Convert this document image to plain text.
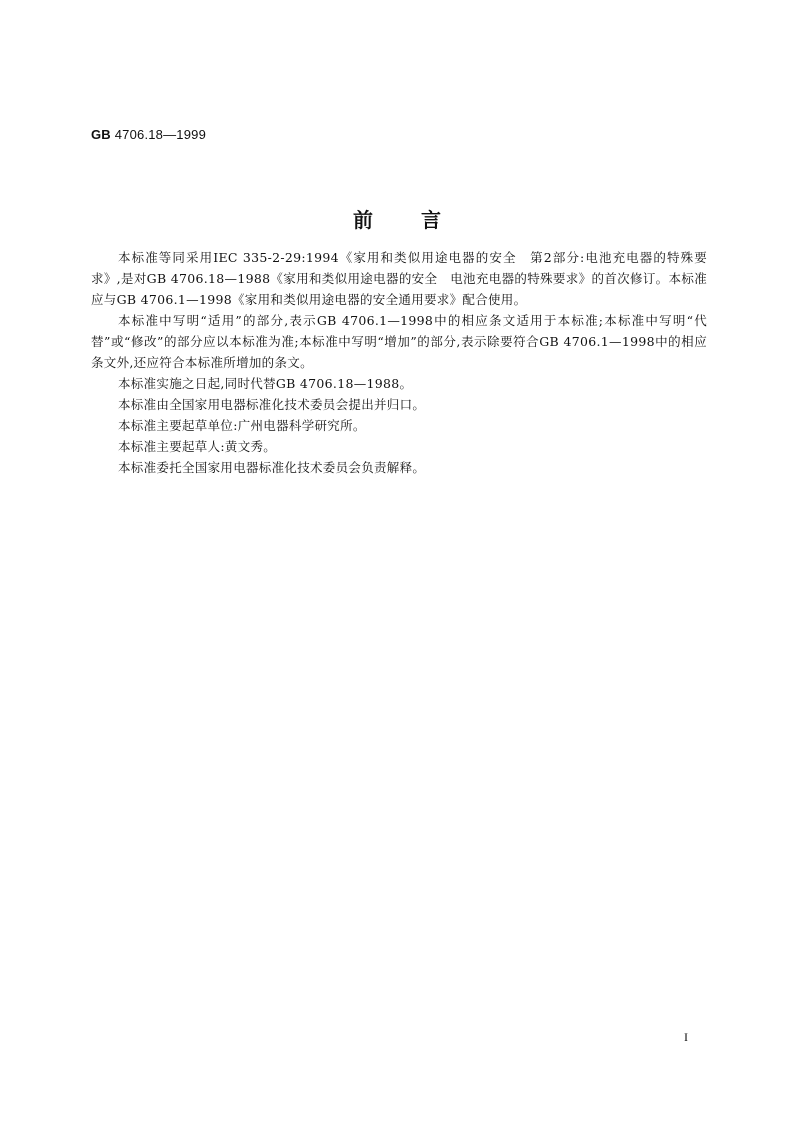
GB 4706.18—1999
前言

本标准等同采用IEC 335-2-29:1994《家用和类似用途电器的安全　第2部分:电池充电器的特殊要求》,是对GB 4706.18—1988《家用和类似用途电器的安全　电池充电器的特殊要求》的首次修订。本标准应与GB 4706.1—1998《家用和类似用途电器的安全通用要求》配合使用。

本标准中写明“适用”的部分,表示GB 4706.1—1998中的相应条文适用于本标准;本标准中写明“代替”或“修改”的部分应以本标准为准;本标准中写明“增加”的部分,表示除要符合GB 4706.1—1998中的相应条文外,还应符合本标准所增加的条文。

本标准实施之日起,同时代替GB 4706.18—1988。

本标准由全国家用电器标准化技术委员会提出并归口。

本标准主要起草单位:广州电器科学研究所。

本标准主要起草人:黄文秀。

本标准委托全国家用电器标准化技术委员会负责解释。

I
